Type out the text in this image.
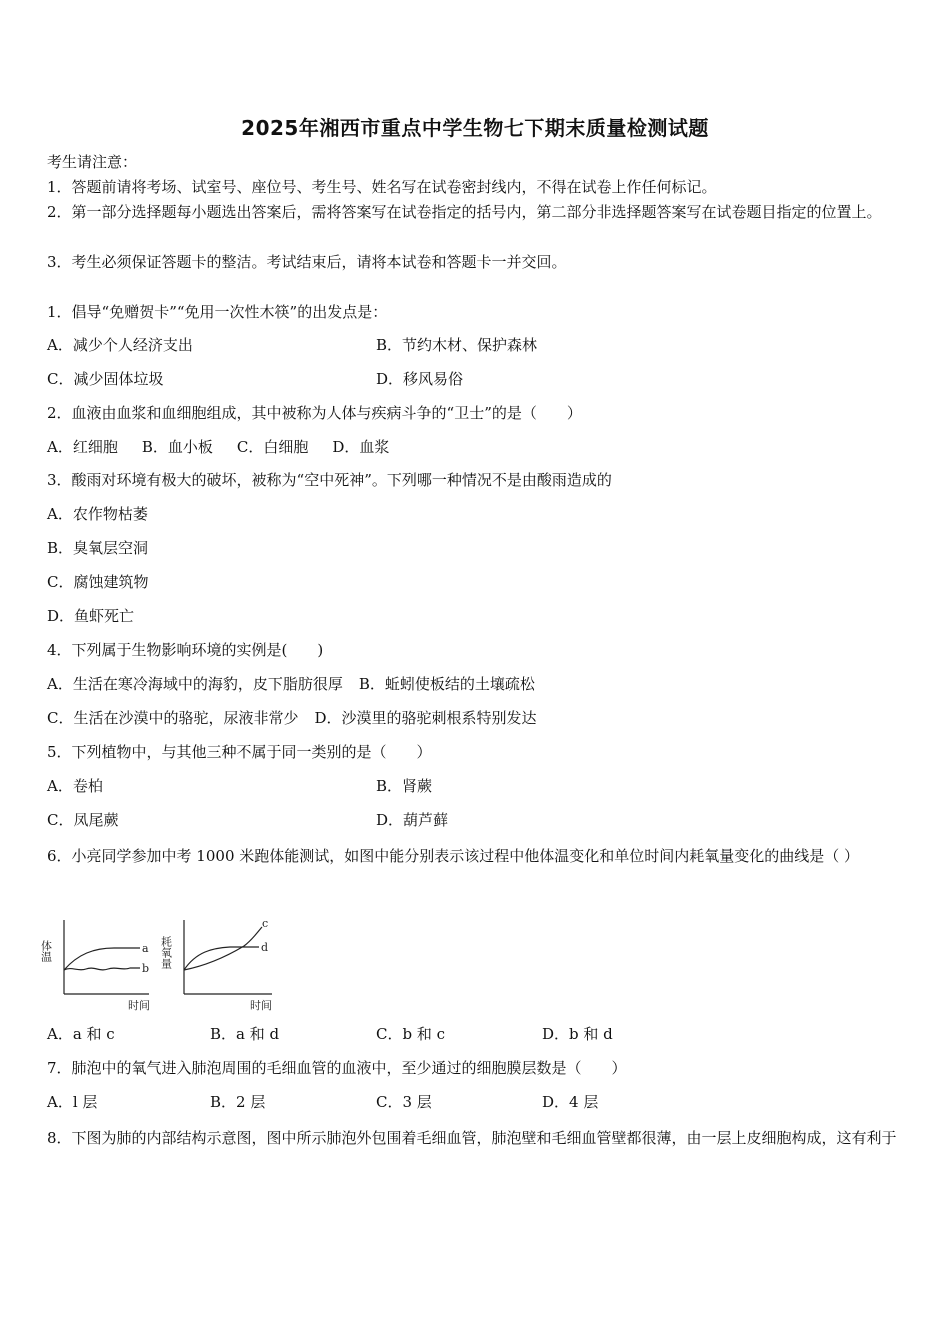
2025年湘西市重点中学生物七下期末质量检测试题
考生请注意：
1．答题前请将考场、试室号、座位号、考生号、姓名写在试卷密封线内，不得在试卷上作任何标记。
2．第一部分选择题每小题选出答案后，需将答案写在试卷指定的括号内，第二部分非选择题答案写在试卷题目指定的位置上。
3．考生必须保证答题卡的整洁。考试结束后，请将本试卷和答题卡一并交回。
1．倡导“免赠贺卡”“免用一次性木筷”的出发点是：
A．减少个人经济支出	B．节约木材、保护森林
C．减少固体垃圾	D．移风易俗
2．血液由血浆和血细胞组成，其中被称为人体与疾病斗争的“卫士”的是（　　）
A．红细胞 B．血小板 C．白细胞 D．血浆
3．酸雨对环境有极大的破坏，被称为“空中死神”。下列哪一种情况不是由酸雨造成的
A．农作物枯萎
B．臭氧层空洞
C．腐蚀建筑物
D．鱼虾死亡
4．下列属于生物影响环境的实例是(　　)
A．生活在寒冷海域中的海豹，皮下脂肪很厚 B．蚯蚓使板结的土壤疏松
C．生活在沙漠中的骆驼，尿液非常少 D．沙漠里的骆驼刺根系特别发达
5．下列植物中，与其他三种不属于同一类别的是（　　）
A．卷柏	B．肾蕨
C．凤尾蕨	D．葫芦藓
6．小亮同学参加中考 1000 米跑体能测试，如图中能分别表示该过程中他体温变化和单位时间内耗氧量变化的曲线是（ ）
体温	a
b
时间
耗氧量
c
d
时间
A．a 和 c	B．a 和 d	C．b 和 c	D．b 和 d
7．肺泡中的氧气进入肺泡周围的毛细血管的血液中，至少通过的细胞膜层数是（　　）
A．l 层	B．2 层	C．3 层	D．4 层
8．下图为肺的内部结构示意图，图中所示肺泡外包围着毛细血管，肺泡壁和毛细血管壁都很薄，由一层上皮细胞构成，这有利于
